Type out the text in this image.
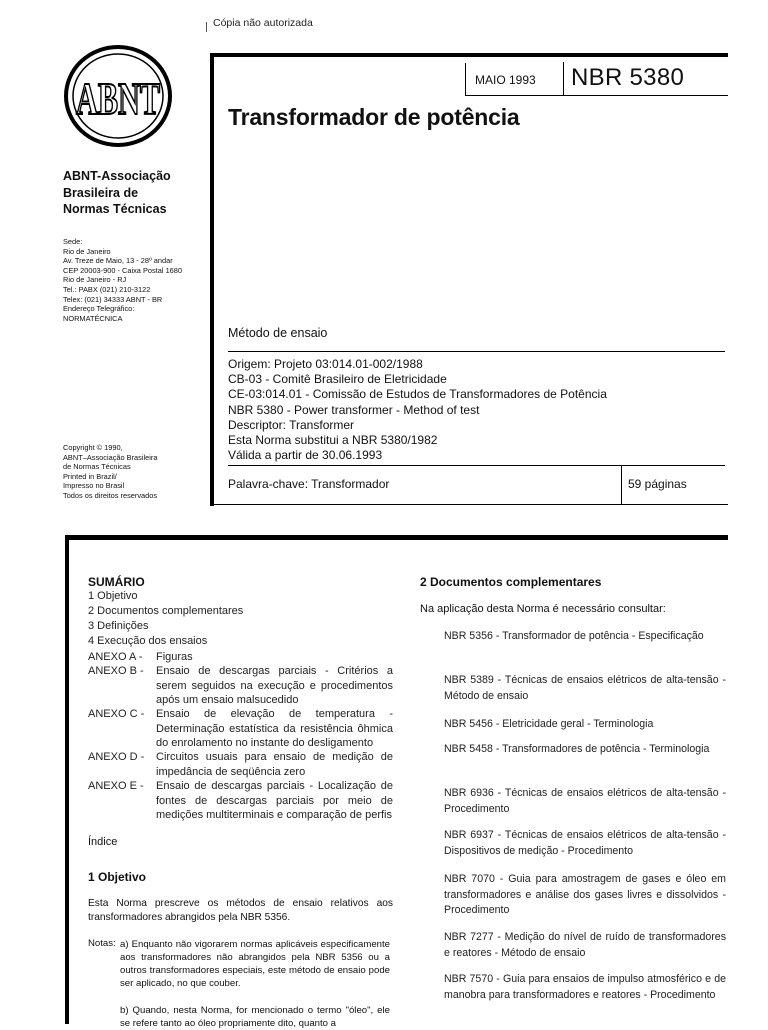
Cópia não autorizada
ABNT
ABNT-Associação
Brasileira de
Normas Técnicas
Sede:
Rio de Janeiro
Av. Treze de Maio, 13 - 28º andar
CEP 20003-900 - Caixa Postal 1680
Rio de Janeiro - RJ
Tel.: PABX (021) 210-3122
Telex: (021) 34333 ABNT - BR
Endereço Telegráfico:
NORMATÉCNICA
Copyright © 1990,
ABNT–Associação Brasileira
de Normas Técnicas
Printed in Brazil/
Impresso no Brasil
Todos os direitos reservados
MAIO 1993 NBR 5380
Transformador de potência
Método de ensaio
Origem: Projeto 03:014.01-002/1988
CB-03 - Comitê Brasileiro de Eletricidade
CE-03:014.01 - Comissão de Estudos de Transformadores de Potência
NBR 5380 - Power transformer - Method of test
Descriptor: Transformer
Esta Norma substitui a NBR 5380/1982
Válida a partir de 30.06.1993
Palavra-chave: Transformador	59 páginas
SUMÁRIO
1 Objetivo
2 Documentos complementares
3 Definições
4 Execução dos ensaios
ANEXO A -	Figuras
ANEXO B -	Ensaio de descargas parciais - Critérios a serem seguidos na execução e procedimentos após um ensaio malsucedido
ANEXO C -	Ensaio de elevação de temperatura - Determinação estatística da resistência ôhmica do enrolamento no instante do desligamento
ANEXO D -	Circuitos usuais para ensaio de medição de impedância de seqüência zero
ANEXO E -	Ensaio de descargas parciais - Localização de fontes de descargas parciais por meio de medições multiterminais e comparação de perfis
Índice
1 Objetivo
Esta Norma prescreve os métodos de ensaio relativos aos transformadores abrangidos pela NBR 5356.
Notas: a) Enquanto não vigorarem normas aplicáveis especificamente aos transformadores não abrangidos pela NBR 5356 ou a outros transformadores especiais, este método de ensaio pode ser aplicado, no que couber.
b) Quando, nesta Norma, for mencionado o termo "óleo", ele se refere tanto ao óleo propriamente dito, quanto a
2 Documentos complementares
Na aplicação desta Norma é necessário consultar:
NBR 5356 - Transformador de potência - Especificação
NBR 5389 - Técnicas de ensaios elétricos de alta-tensão - Método de ensaio
NBR 5456 - Eletricidade geral - Terminologia
NBR 5458 - Transformadores de potência - Terminologia
NBR 6936 - Técnicas de ensaios elétricos de alta-tensão - Procedimento
NBR 6937 - Técnicas de ensaios elétricos de alta-tensão - Dispositivos de medição - Procedimento
NBR 7070 - Guia para amostragem de gases e óleo em transformadores e análise dos gases livres e dissolvidos - Procedimento
NBR 7277 - Medição do nível de ruído de transformadores e reatores - Método de ensaio
NBR 7570 - Guia para ensaios de impulso atmosférico e de manobra para transformadores e reatores - Procedimento
